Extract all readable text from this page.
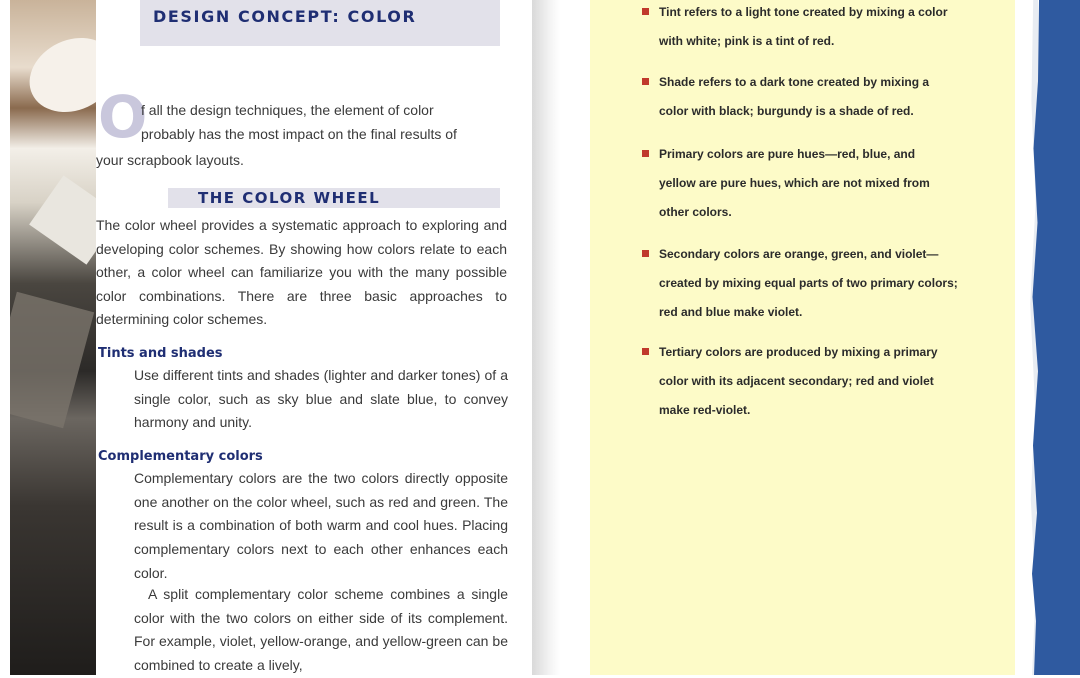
DESIGN CONCEPT: COLOR
O
f all the design techniques, the element of color
probably has the most impact on the final results of
your scrapbook layouts.
THE COLOR WHEEL
The color wheel provides a systematic approach to exploring and developing color schemes. By showing how colors relate to each other, a color wheel can familiarize you with the many possible color combinations. There are three basic approaches to determining color schemes.
Tints and shades
Use different tints and shades (lighter and darker tones) of a single color, such as sky blue and slate blue, to convey harmony and unity.
Complementary colors
Complementary colors are the two colors directly opposite one another on the color wheel, such as red and green. The result is a combination of both warm and cool hues. Placing complementary colors next to each other enhances each color.
A split complementary color scheme combines a single color with the two colors on either side of its complement. For example, violet, yellow-orange, and yellow-green can be combined to create a lively,
Tint refers to a light tone created by mixing a color
with white; pink is a tint of red.
Shade refers to a dark tone created by mixing a
color with black; burgundy is a shade of red.
Primary colors are pure hues—red, blue, and
yellow are pure hues, which are not mixed from
other colors.
Secondary colors are orange, green, and violet—
created by mixing equal parts of two primary colors;
red and blue make violet.
Tertiary colors are produced by mixing a primary
color with its adjacent secondary; red and violet
make red-violet.
